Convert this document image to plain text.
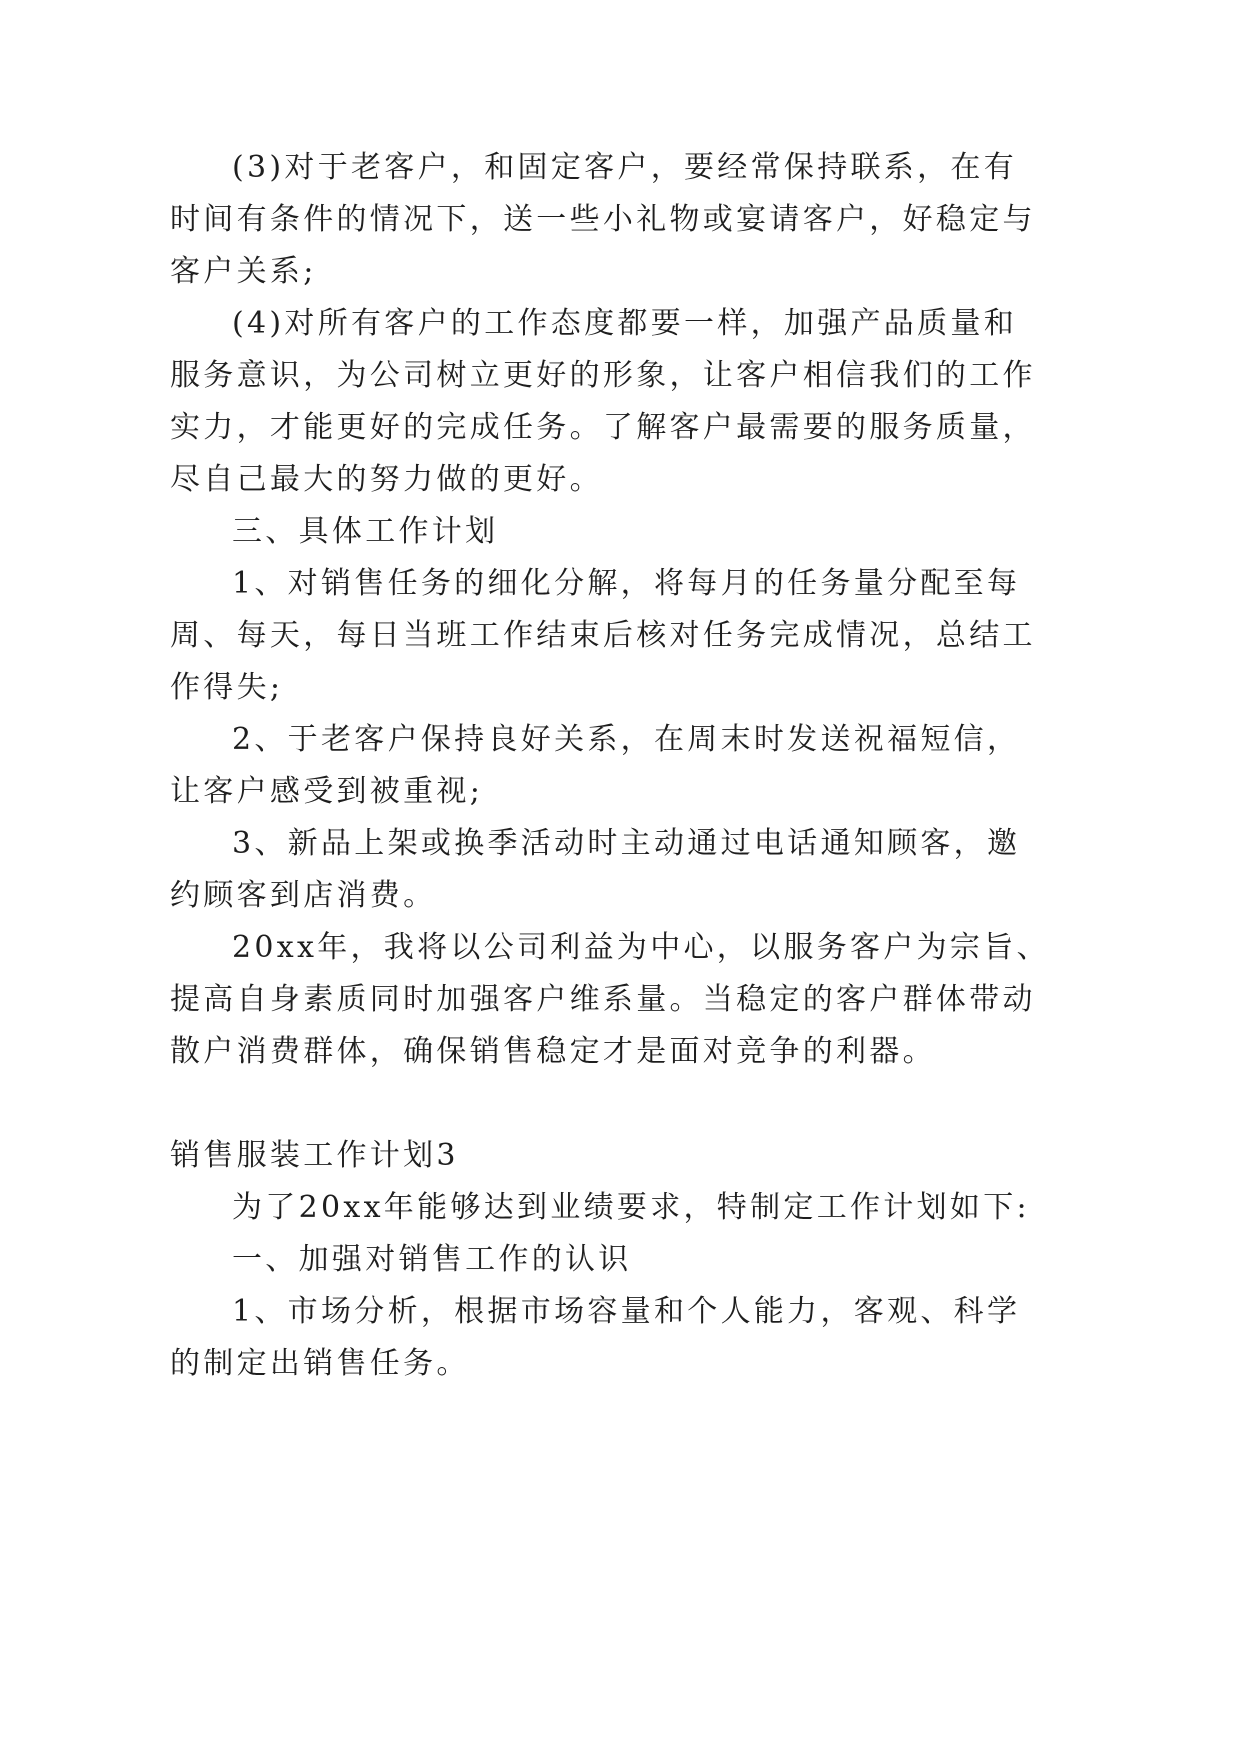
(3)对于老客户，和固定客户，要经常保持联系，在有

时间有条件的情况下，送一些小礼物或宴请客户，好稳定与

客户关系;

(4)对所有客户的工作态度都要一样，加强产品质量和

服务意识，为公司树立更好的形象，让客户相信我们的工作

实力，才能更好的完成任务。了解客户最需要的服务质量，

尽自己最大的努力做的更好。

三、具体工作计划

1、对销售任务的细化分解，将每月的任务量分配至每

周、每天，每日当班工作结束后核对任务完成情况，总结工

作得失;

2、于老客户保持良好关系，在周末时发送祝福短信，

让客户感受到被重视;

3、新品上架或换季活动时主动通过电话通知顾客，邀

约顾客到店消费。

20xx年，我将以公司利益为中心，以服务客户为宗旨、

提高自身素质同时加强客户维系量。当稳定的客户群体带动

散户消费群体，确保销售稳定才是面对竞争的利器。

销售服装工作计划3

为了20xx年能够达到业绩要求，特制定工作计划如下:

一、加强对销售工作的认识

1、市场分析，根据市场容量和个人能力，客观、科学

的制定出销售任务。
